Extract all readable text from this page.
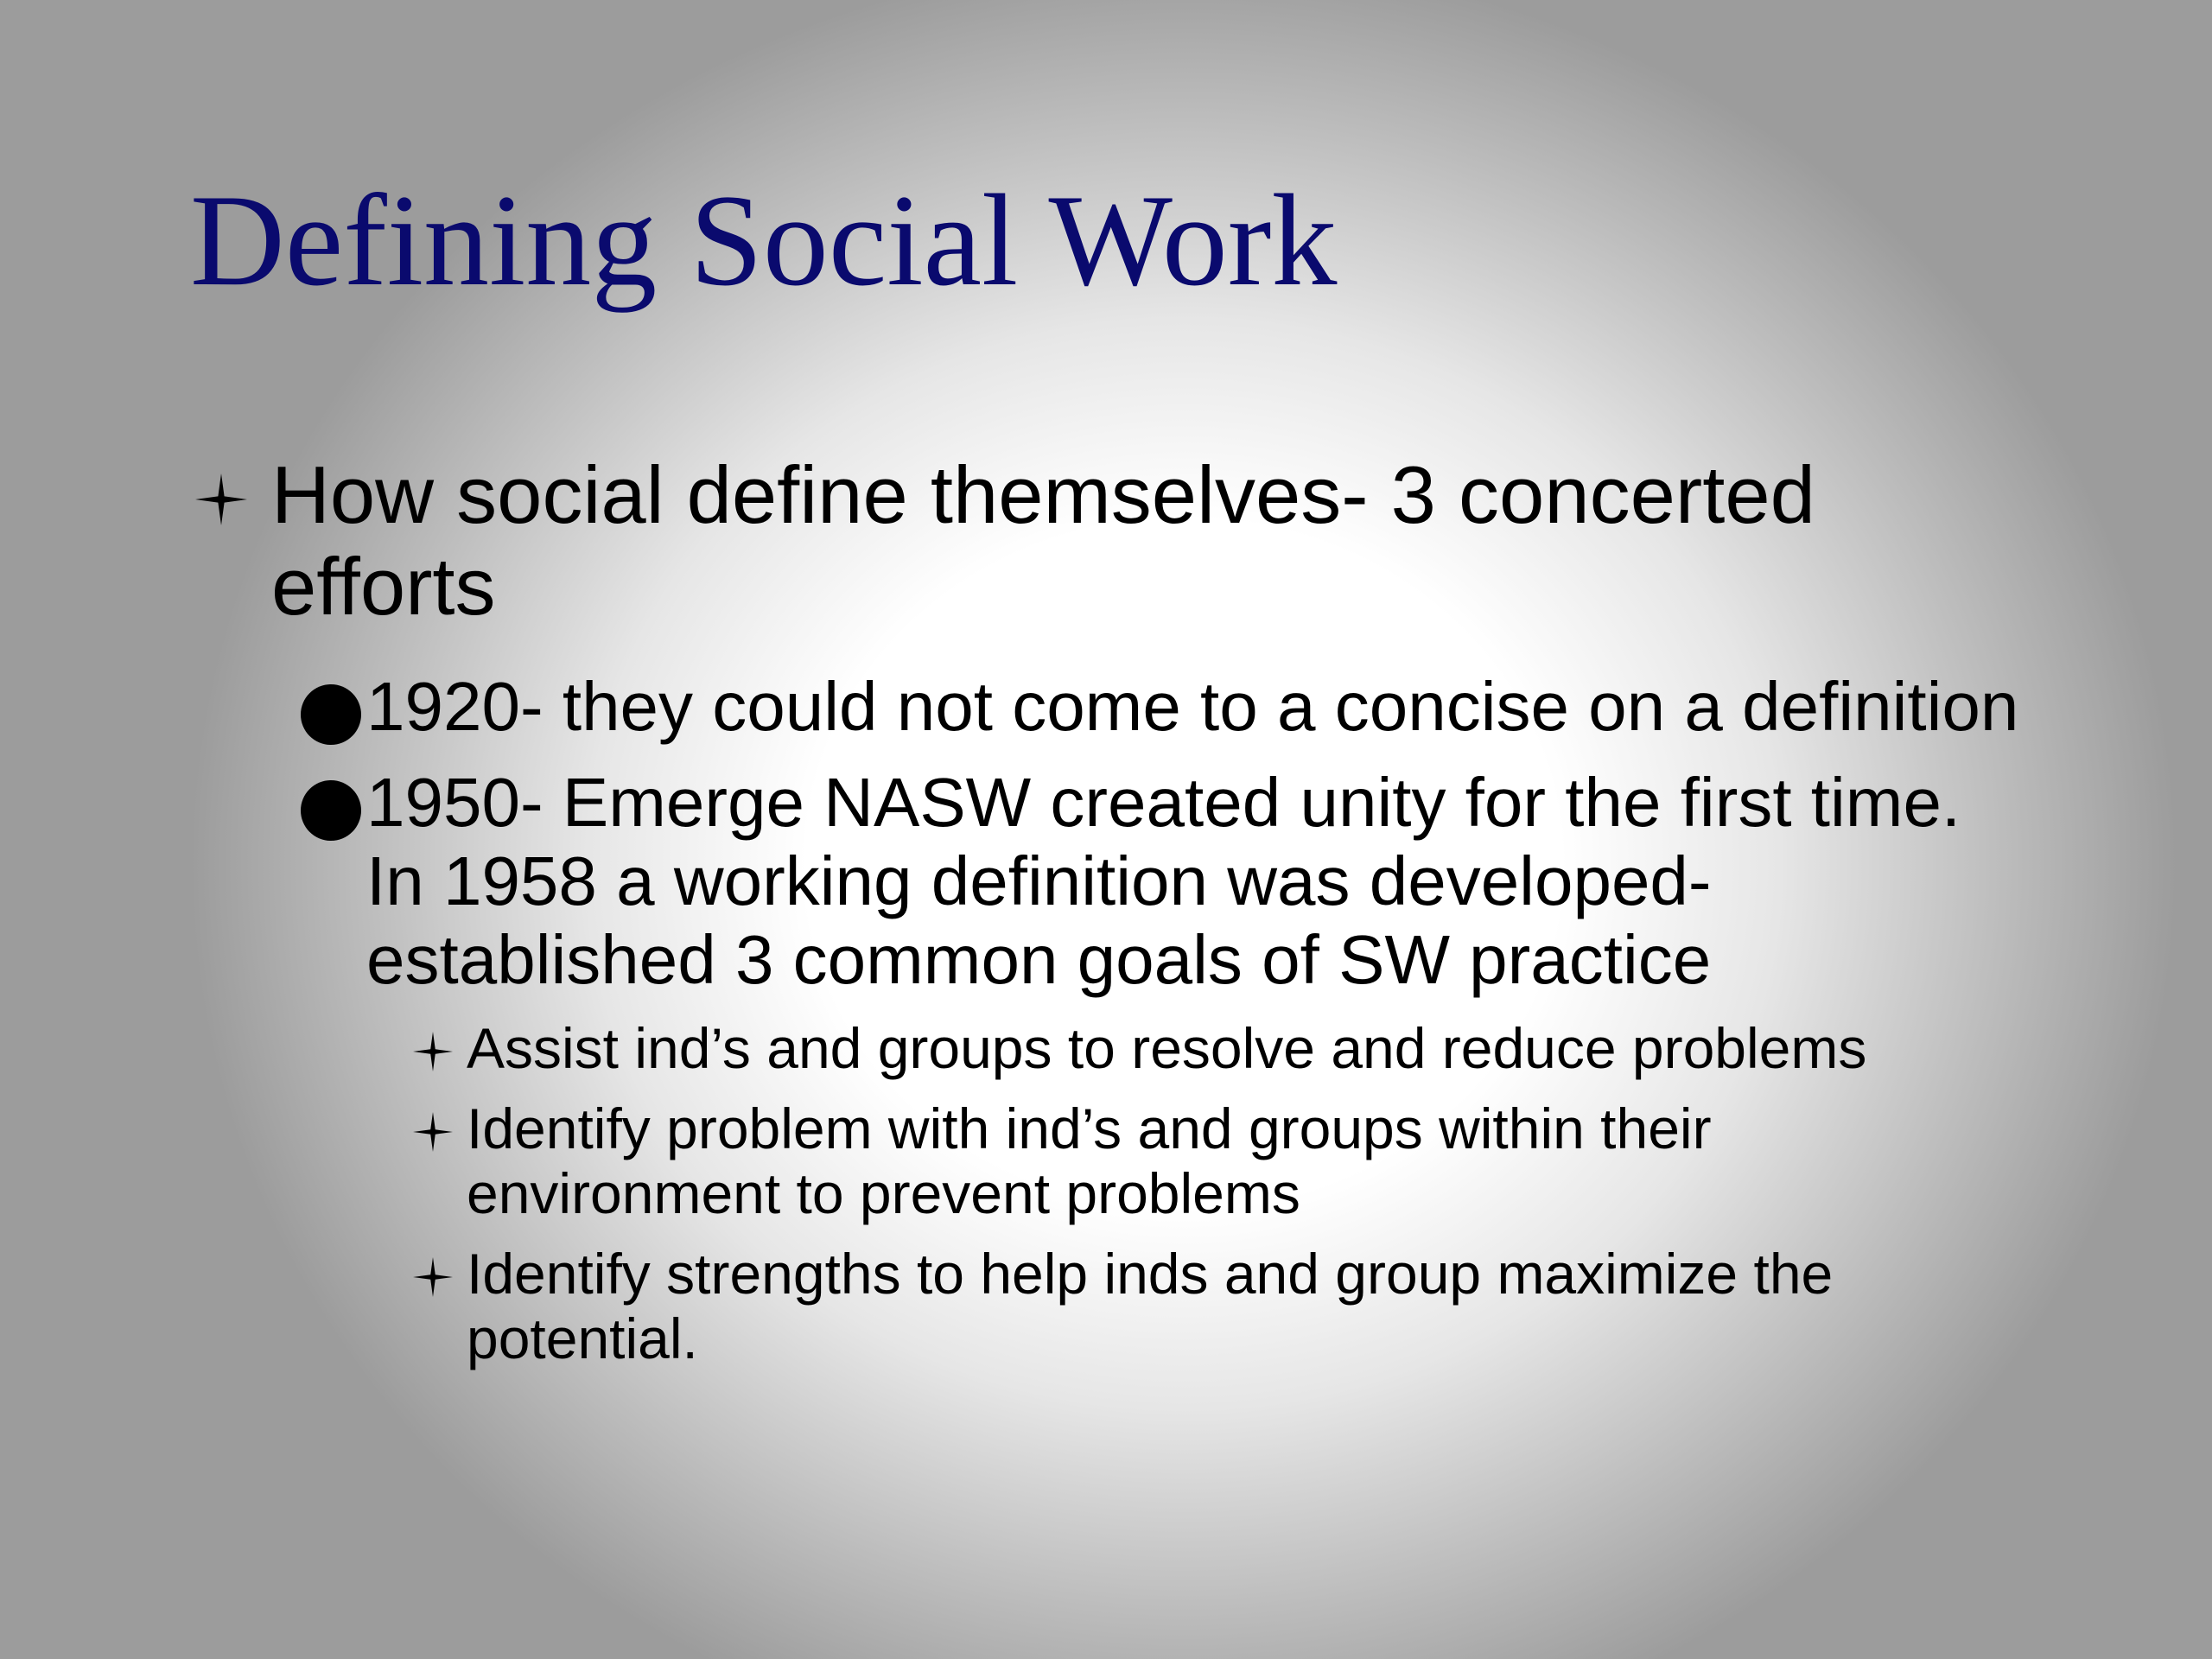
Defining Social Work
How social define themselves- 3 concerted efforts
1920- they could not come to a concise on a definition
1950- Emerge NASW created unity for the first time. In 1958 a working definition was developed- established 3 common goals of SW practice
Assist ind’s and groups to resolve and reduce problems
Identify problem with ind’s and groups within their environment to prevent problems
Identify strengths to help inds and group maximize the potential.
